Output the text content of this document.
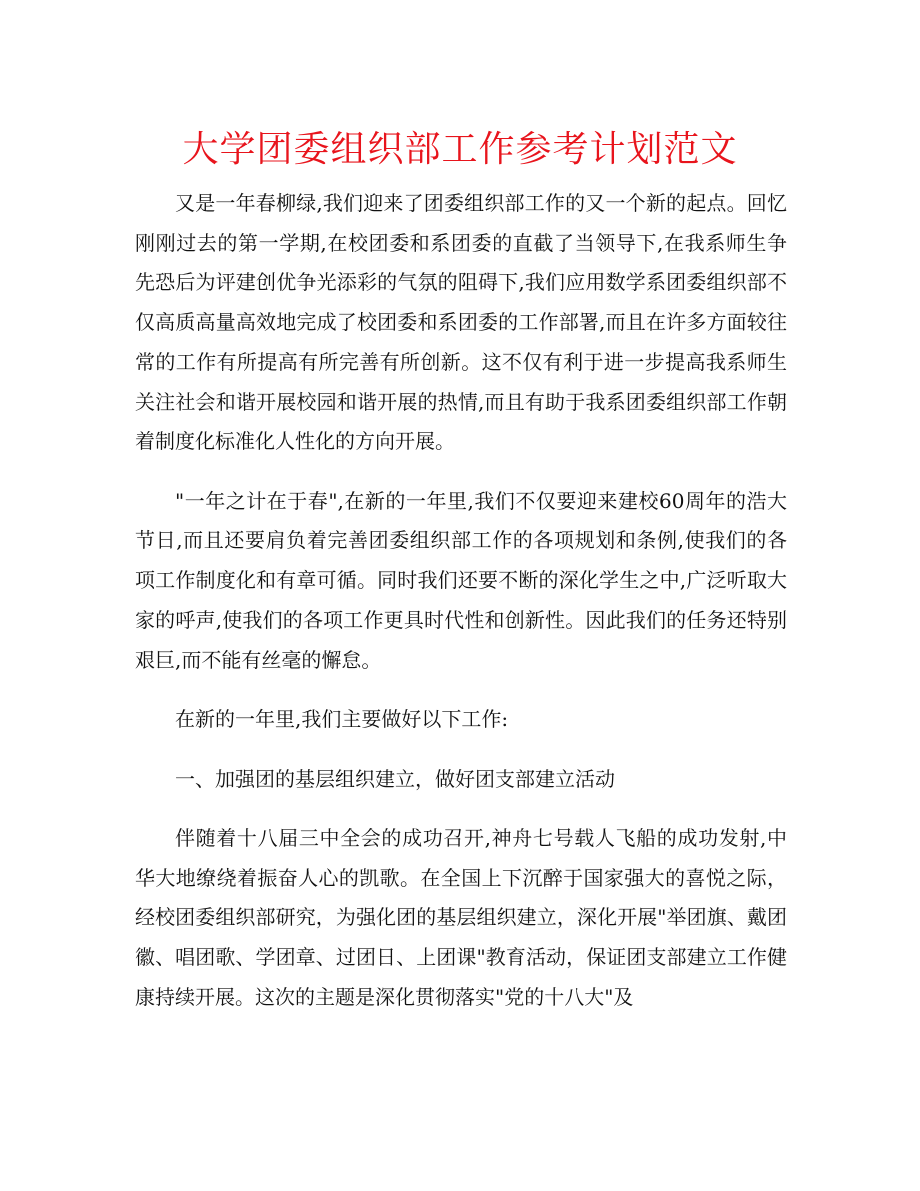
大学团委组织部工作参考计划范文

又是一年春柳绿,我们迎来了团委组织部工作的又一个新的起点。回忆刚刚过去的第一学期,在校团委和系团委的直截了当领导下,在我系师生争先恐后为评建创优争光添彩的气氛的阻碍下,我们应用数学系团委组织部不仅高质高量高效地完成了校团委和系团委的工作部署,而且在许多方面较往常的工作有所提高有所完善有所创新。这不仅有利于进一步提高我系师生关注社会和谐开展校园和谐开展的热情,而且有助于我系团委组织部工作朝着制度化标准化人性化的方向开展。

"一年之计在于春",在新的一年里,我们不仅要迎来建校60周年的浩大节日,而且还要肩负着完善团委组织部工作的各项规划和条例,使我们的各项工作制度化和有章可循。同时我们还要不断的深化学生之中,广泛听取大家的呼声,使我们的各项工作更具时代性和创新性。因此我们的任务还特别艰巨,而不能有丝毫的懈怠。

在新的一年里,我们主要做好以下工作:

一、加强团的基层组织建立，做好团支部建立活动

伴随着十八届三中全会的成功召开,神舟七号载人飞船的成功发射,中华大地缭绕着振奋人心的凯歌。在全国上下沉醉于国家强大的喜悦之际，经校团委组织部研究，为强化团的基层组织建立，深化开展"举团旗、戴团徽、唱团歌、学团章、过团日、上团课"教育活动，保证团支部建立工作健康持续开展。这次的主题是深化贯彻落实"党的十八大"及
